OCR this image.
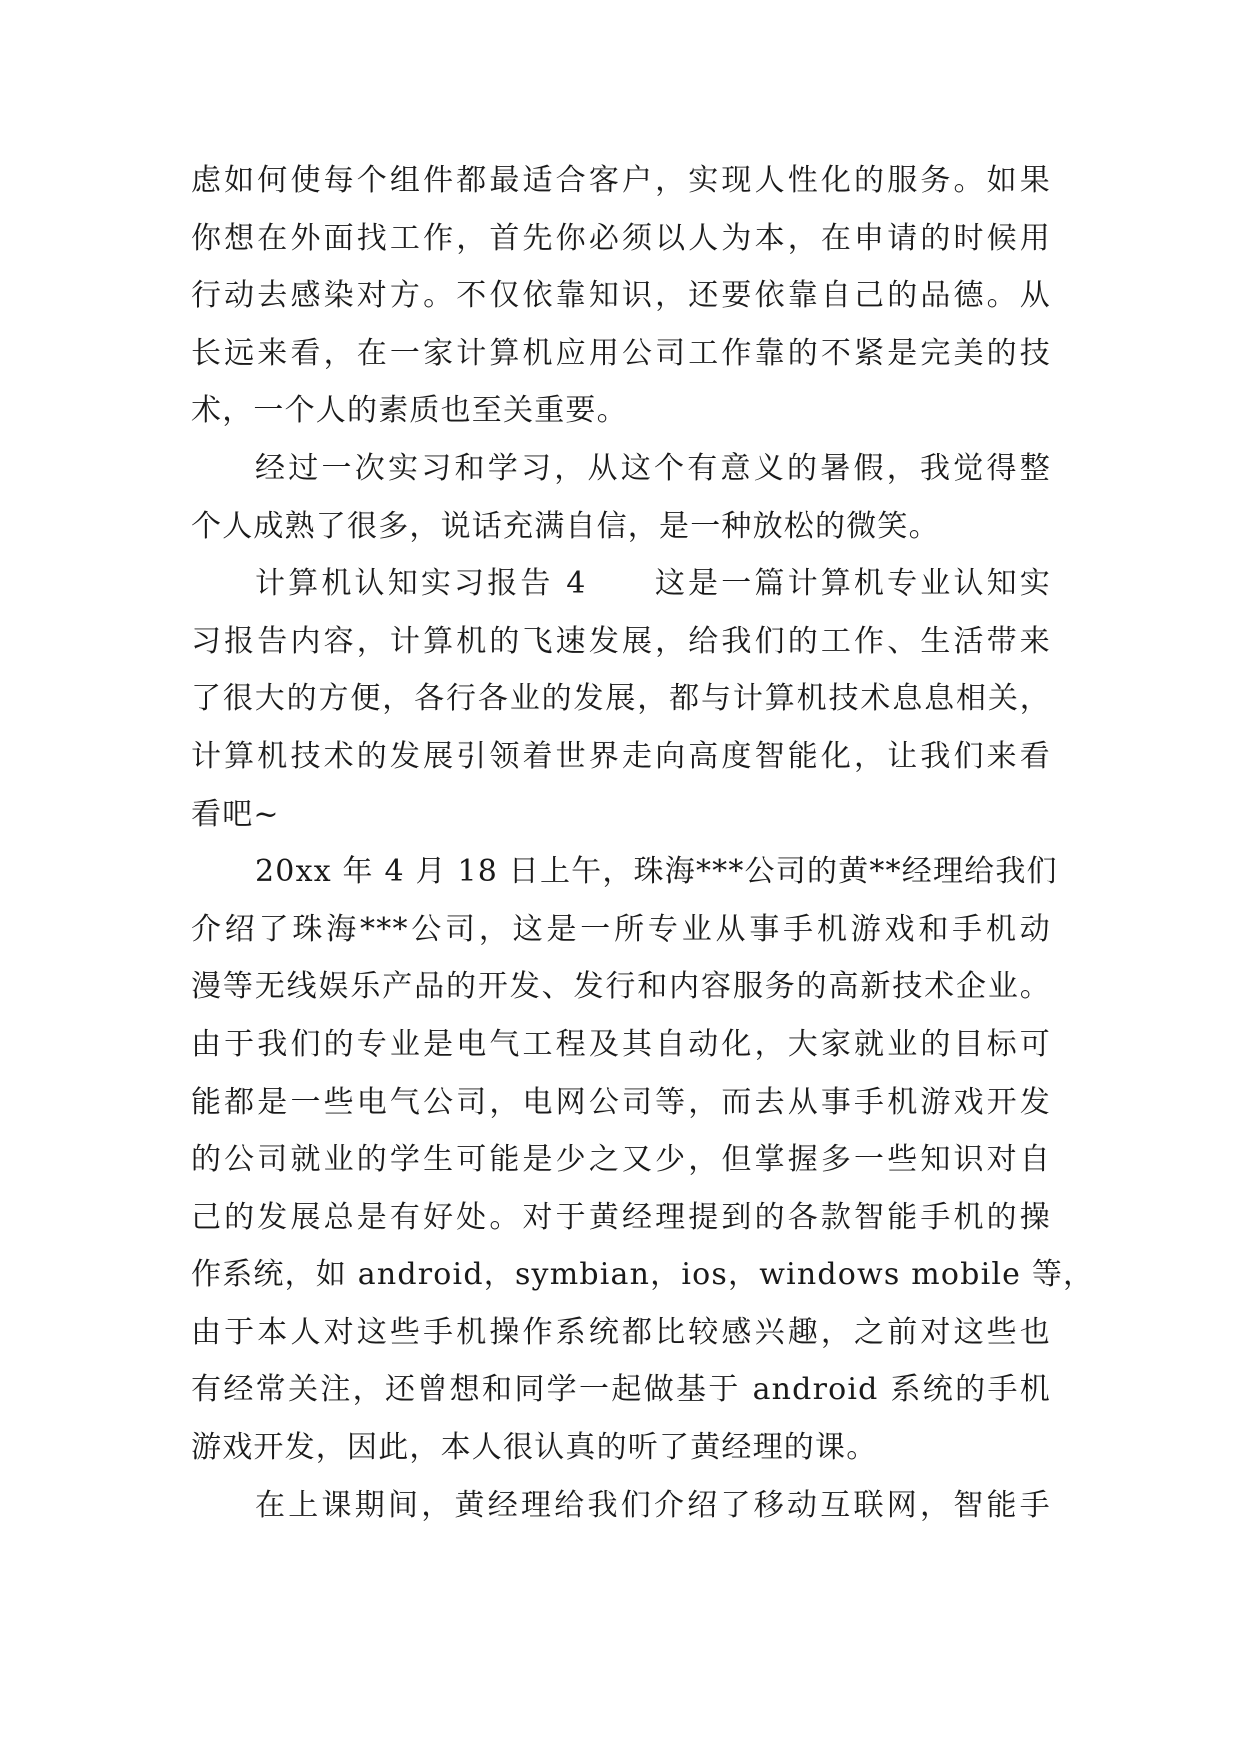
虑如何使每个组件都最适合客户，实现人性化的服务。如果
你想在外面找工作，首先你必须以人为本，在申请的时候用
行动去感染对方。不仅依靠知识，还要依靠自己的品德。从
长远来看，在一家计算机应用公司工作靠的不紧是完美的技
术，一个人的素质也至关重要。
经过一次实习和学习，从这个有意义的暑假，我觉得整
个人成熟了很多，说话充满自信，是一种放松的微笑。
计算机认知实习报告 4　　这是一篇计算机专业认知实
习报告内容，计算机的飞速发展，给我们的工作、生活带来
了很大的方便，各行各业的发展，都与计算机技术息息相关，
计算机技术的发展引领着世界走向高度智能化，让我们来看
看吧~
20xx 年 4 月 18 日上午，珠海***公司的黄**经理给我们
介绍了珠海***公司，这是一所专业从事手机游戏和手机动
漫等无线娱乐产品的开发、发行和内容服务的高新技术企业。
由于我们的专业是电气工程及其自动化，大家就业的目标可
能都是一些电气公司，电网公司等，而去从事手机游戏开发
的公司就业的学生可能是少之又少，但掌握多一些知识对自
己的发展总是有好处。对于黄经理提到的各款智能手机的操
作系统，如 android，symbian，ios，windows mobile 等，
由于本人对这些手机操作系统都比较感兴趣，之前对这些也
有经常关注，还曾想和同学一起做基于 android 系统的手机
游戏开发，因此，本人很认真的听了黄经理的课。
在上课期间，黄经理给我们介绍了移动互联网，智能手
